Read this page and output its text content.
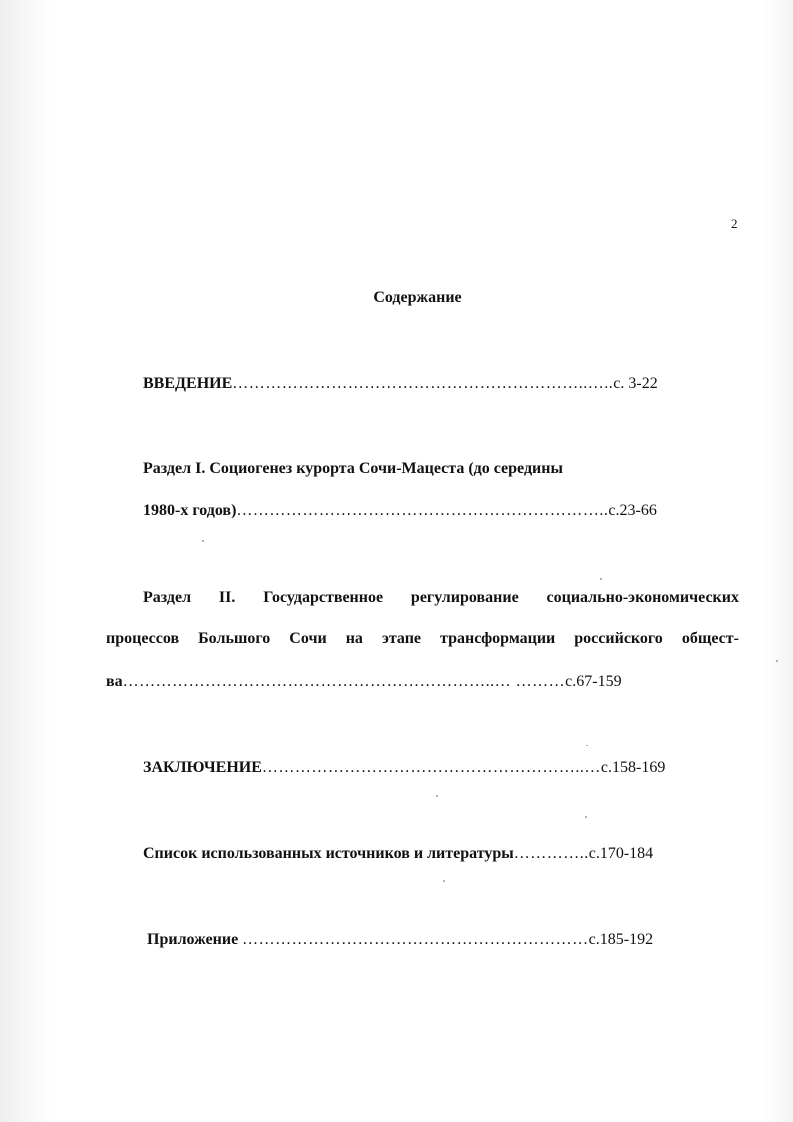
2
Содержание
ВВЕДЕНИЕ………………………………………………………..…..с. 3-22
Раздел I. Социогенез курорта Сочи-Мацеста (до середины
1980-х годов)…………………………………………………………..с.23-66
Раздел II. Государственное регулирование социально-экономических
процессов Большого Сочи на этапе трансформации российского общест-
ва…………………………………………………………..… ………с.67-159
ЗАКЛЮЧЕНИЕ…………………………………………………..…с.158-169
Список использованных источников и литературы…………..с.170-184
Приложение ………………………………………………………с.185-192
